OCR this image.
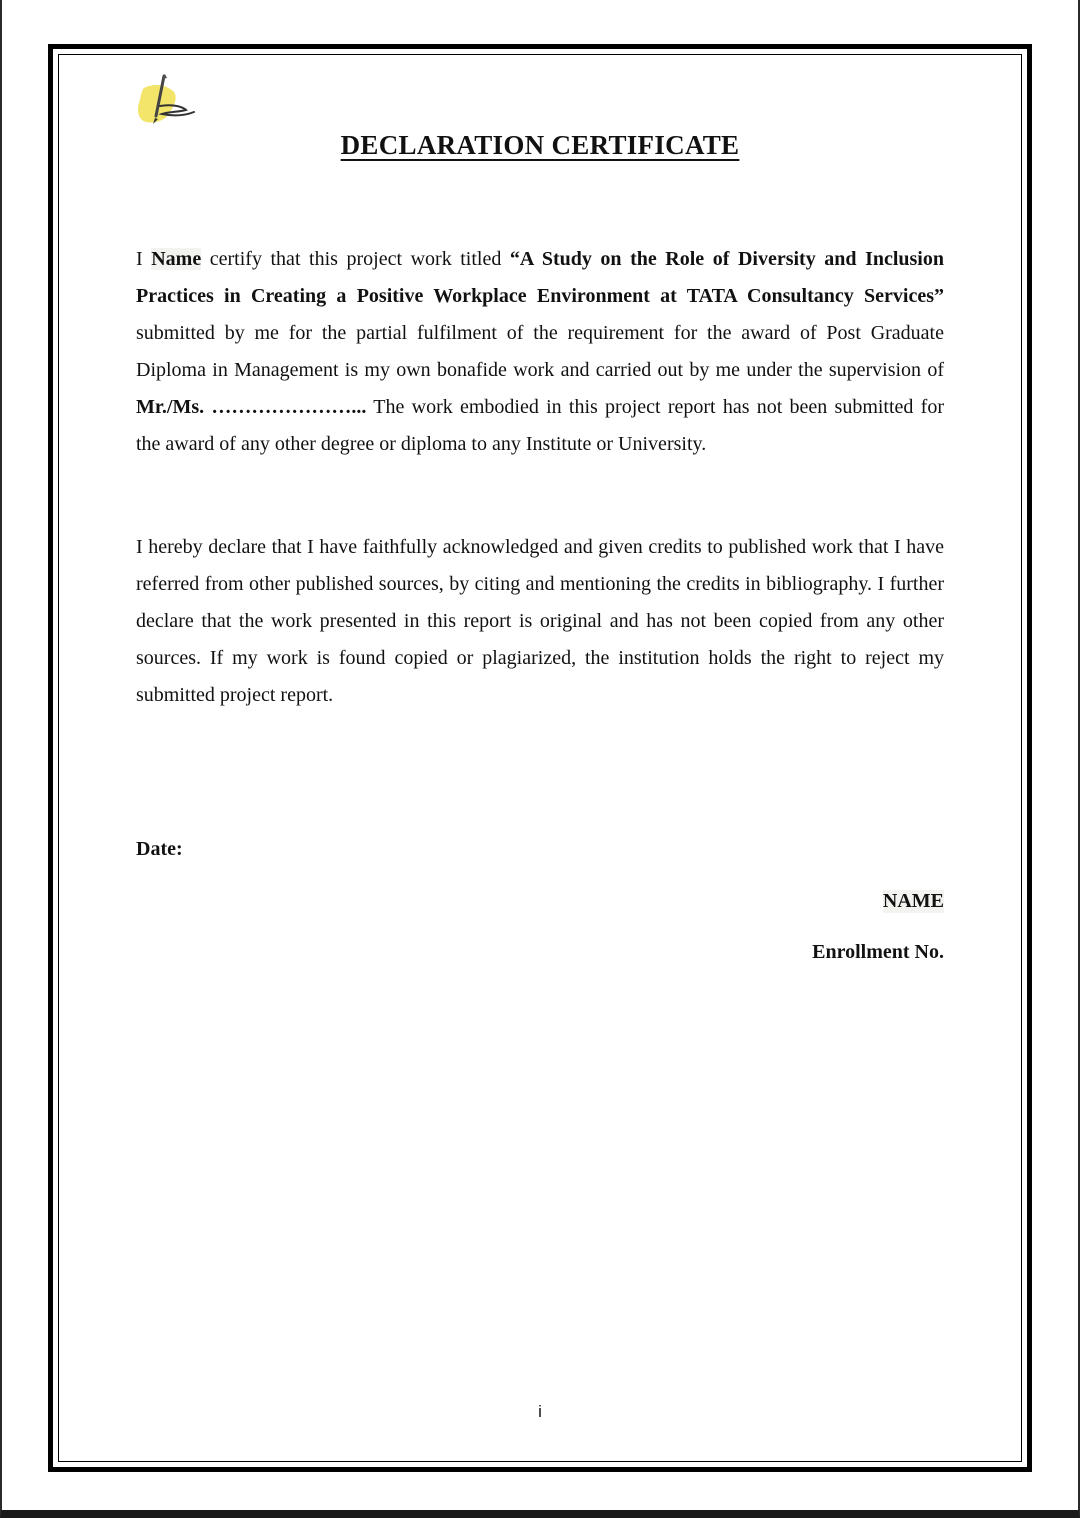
DECLARATION CERTIFICATE

I Name certify that this project work titled “A Study on the Role of Diversity and Inclusion Practices in Creating a Positive Workplace Environment at TATA Consultancy Services” submitted by me for the partial fulfilment of the requirement for the award of Post Graduate Diploma in Management is my own bonafide work and carried out by me under the supervision of Mr./Ms. …………………... The work embodied in this project report has not been submitted for the award of any other degree or diploma to any Institute or University.

I hereby declare that I have faithfully acknowledged and given credits to published work that I have referred from other published sources, by citing and mentioning the credits in bibliography. I further declare that the work presented in this report is original and has not been copied from any other sources. If my work is found copied or plagiarized, the institution holds the right to reject my submitted project report.

Date:
NAME
Enrollment No.
i
